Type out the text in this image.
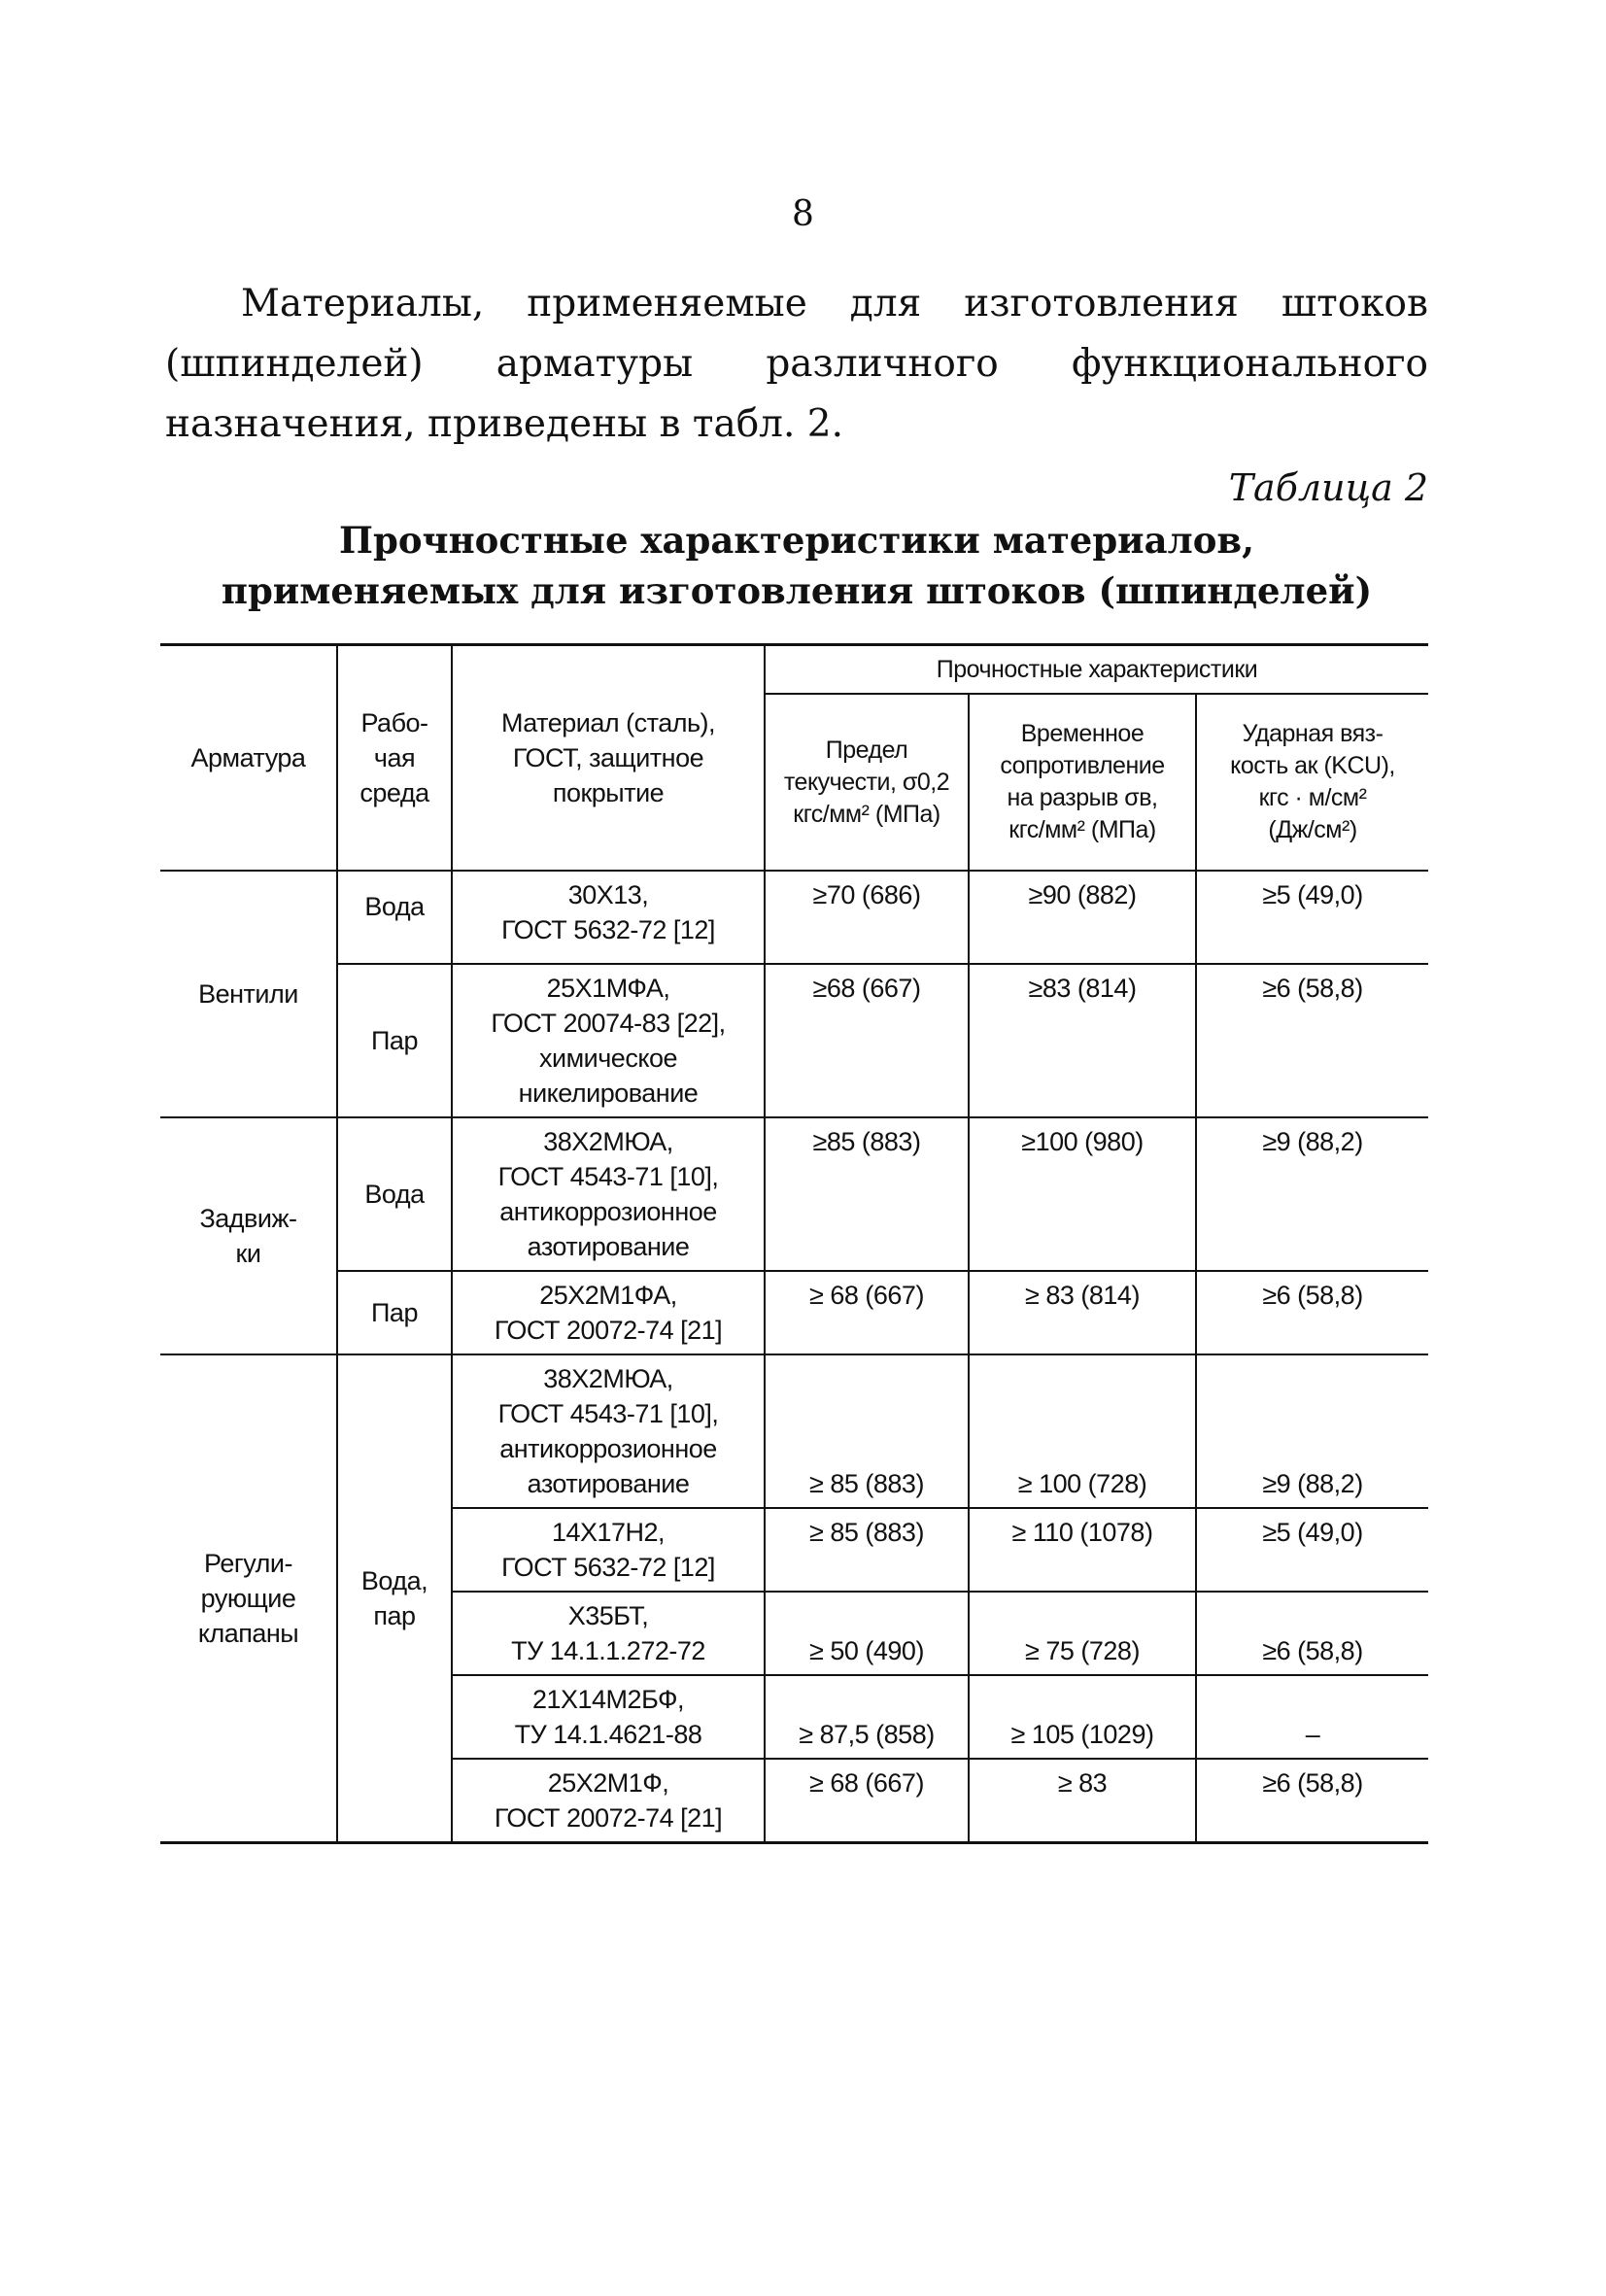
8

Материалы, применяемые для изготовления штоков (шпинделей) арматуры различного функционального назначения, приведены в табл. 2.

Таблица 2
Прочностные характеристики материалов,
применяемых для изготовления штоков (шпинделей)
Арматура	Рабо-
чая
среда	Материал (сталь),
ГОСТ, защитное
покрытие	Прочностные характеристики		
			Предел
текучести, σ0,2
кгс/мм² (МПа)	Временное
сопротивление
на разрыв σв,
кгс/мм² (МПа)	Ударная вяз-
кость aк (KCU),
кгс · м/см²
(Дж/см²)
Вентили	Вода	30Х13,
ГОСТ 5632-72 [12]	≥70 (686)	≥90 (882)	≥5 (49,0)
	Пар	25Х1МФА,
ГОСТ 20074-83 [22],
химическое
никелирование	≥68 (667)	≥83 (814)	≥6 (58,8)
Задвиж-
ки	Вода	38Х2МЮА,
ГОСТ 4543-71 [10],
антикоррозионное
азотирование	≥85 (883)	≥100 (980)	≥9 (88,2)
	Пар	25Х2М1ФА,
ГОСТ 20072-74 [21]	≥ 68 (667)	≥ 83 (814)	≥6 (58,8)
Регули-
рующие
клапаны	Вода,
пар	38Х2МЮА,
ГОСТ 4543-71 [10],
антикоррозионное
азотирование	≥ 85 (883)	≥ 100 (728)	≥9 (88,2)
		14Х17Н2,
ГОСТ 5632-72 [12]	≥ 85 (883)	≥ 110 (1078)	≥5 (49,0)
		Х35БТ,
ТУ 14.1.1.272-72	≥ 50 (490)	≥ 75 (728)	≥6 (58,8)
		21Х14М2БФ,
ТУ 14.1.4621-88	≥ 87,5 (858)	≥ 105 (1029)	–
		25Х2М1Ф,
ГОСТ 20072-74 [21]	≥ 68 (667)	≥ 83	≥6 (58,8)
